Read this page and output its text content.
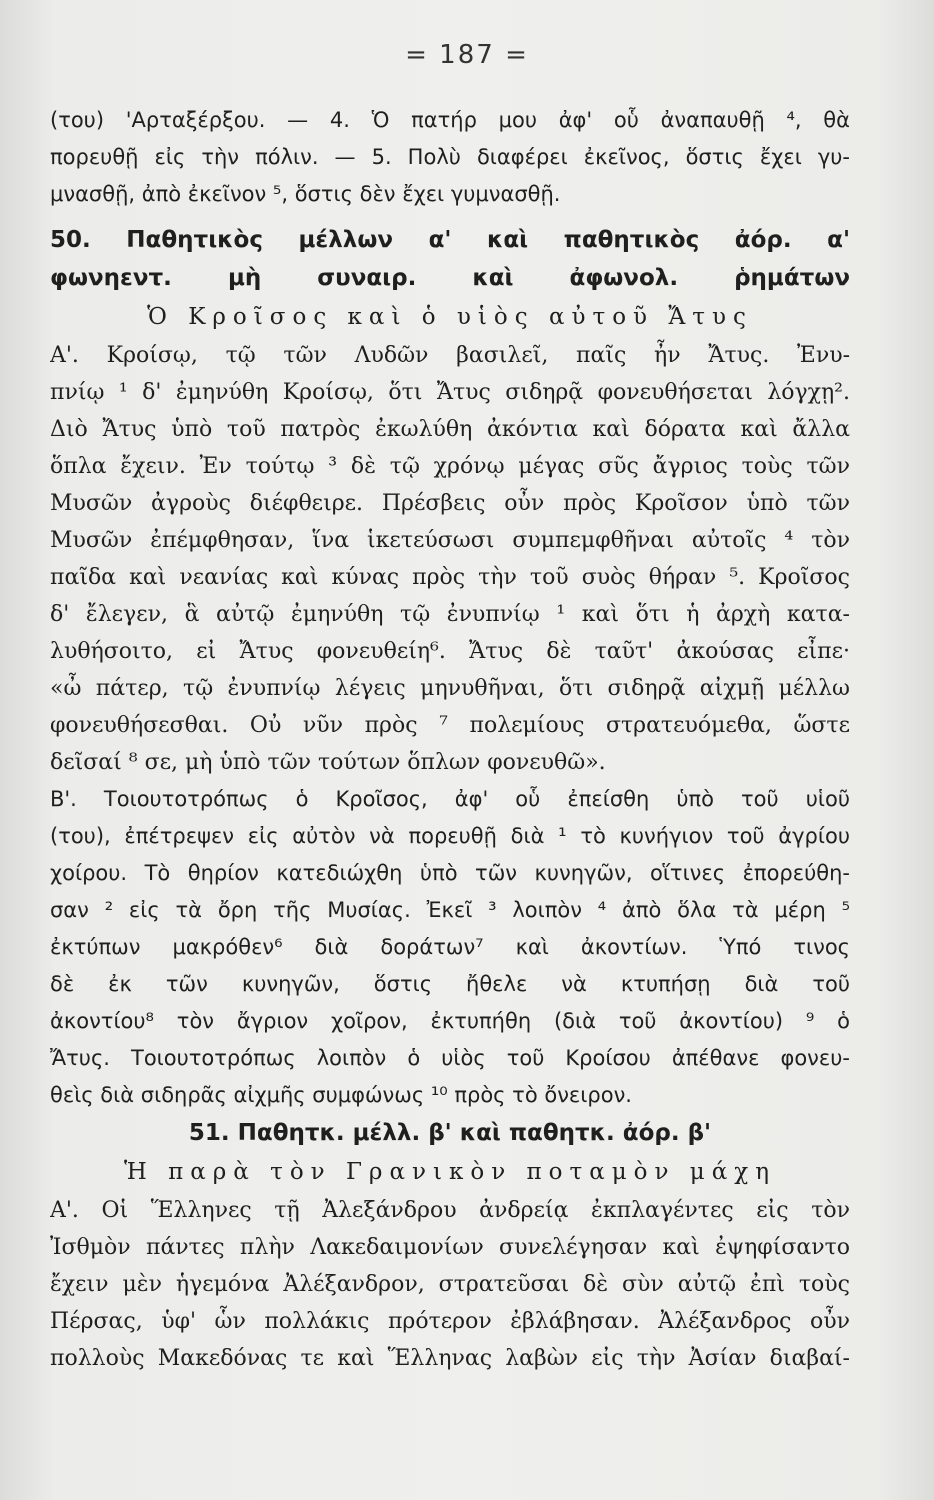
= 187 =
(του) 'Αρταξέρξου. — 4. Ὁ πατήρ μου ἀφ' οὗ ἀναπαυθῇ ⁴, θὰ
πορευθῇ εἰς τὴν πόλιν. — 5. Πολὺ διαφέρει ἐκεῖνος, ὅστις ἔχει γυ-
μνασθῇ, ἀπὸ ἐκεῖνον ⁵, ὅστις δὲν ἔχει γυμνασθῇ.
50. Παθητικὸς μέλλων α' καὶ παθητικὸς ἀόρ. α'
φωνηεντ. μὴ συναιρ. καὶ ἀφωνολ. ῥημάτων
Ὁ Κροῖσος καὶ ὁ υἱὸς αὐτοῦ Ἄτυς
Α'. Κροίσῳ, τῷ τῶν Λυδῶν βασιλεῖ, παῖς ἦν Ἄτυς. Ἐνυ-
πνίῳ ¹ δ' ἐμηνύθη Κροίσῳ, ὅτι Ἄτυς σιδηρᾷ φονευθήσεται λόγχῃ².
Διὸ Ἄτυς ὑπὸ τοῦ πατρὸς ἐκωλύθη ἀκόντια καὶ δόρατα καὶ ἄλλα
ὅπλα ἔχειν. Ἐν τούτῳ ³ δὲ τῷ χρόνῳ μέγας σῦς ἄγριος τοὺς τῶν
Μυσῶν ἀγροὺς διέφθειρε. Πρέσβεις οὖν πρὸς Κροῖσον ὑπὸ τῶν
Μυσῶν ἐπέμφθησαν, ἵνα ἱκετεύσωσι συμπεμφθῆναι αὐτοῖς ⁴ τὸν
παῖδα καὶ νεανίας καὶ κύνας πρὸς τὴν τοῦ συὸς θήραν ⁵. Κροῖσος
δ' ἔλεγεν, ἃ αὐτῷ ἐμηνύθη τῷ ἐνυπνίῳ ¹ καὶ ὅτι ἡ ἀρχὴ κατα-
λυθήσοιτο, εἰ Ἄτυς φονευθείη⁶. Ἄτυς δὲ ταῦτ' ἀκούσας εἶπε·
«ὦ πάτερ, τῷ ἐνυπνίῳ λέγεις μηνυθῆναι, ὅτι σιδηρᾷ αἰχμῇ μέλλω
φονευθήσεσθαι. Οὐ νῦν πρὸς ⁷ πολεμίους στρατευόμεθα, ὥστε
δεῖσαί ⁸ σε, μὴ ὑπὸ τῶν τούτων ὅπλων φονευθῶ».
Β'. Τοιουτοτρόπως ὁ Κροῖσος, ἀφ' οὗ ἐπείσθη ὑπὸ τοῦ υἱοῦ
(του), ἐπέτρεψεν εἰς αὐτὸν νὰ πορευθῇ διὰ ¹ τὸ κυνήγιον τοῦ ἀγρίου
χοίρου. Τὸ θηρίον κατεδιώχθη ὑπὸ τῶν κυνηγῶν, οἵτινες ἐπορεύθη-
σαν ² εἰς τὰ ὄρη τῆς Μυσίας. Ἐκεῖ ³ λοιπὸν ⁴ ἀπὸ ὅλα τὰ μέρη ⁵
ἐκτύπων μακρόθεν⁶ διὰ δοράτων⁷ καὶ ἀκοντίων. Ὑπό τινος
δὲ ἐκ τῶν κυνηγῶν, ὅστις ἤθελε νὰ κτυπήσῃ διὰ τοῦ
ἀκοντίου⁸ τὸν ἄγριον χοῖρον, ἐκτυπήθη (διὰ τοῦ ἀκοντίου) ⁹ ὁ
Ἄτυς. Τοιουτοτρόπως λοιπὸν ὁ υἱὸς τοῦ Κροίσου ἀπέθανε φονευ-
θεὶς διὰ σιδηρᾶς αἰχμῆς συμφώνως ¹⁰ πρὸς τὸ ὄνειρον.
51. Παθητκ. μέλλ. β' καὶ παθητκ. ἀόρ. β'
Ἡ παρὰ τὸν Γρανικὸν ποταμὸν μάχη
Α'. Οἱ Ἕλληνες τῇ Ἀλεξάνδρου ἀνδρείᾳ ἐκπλαγέντες εἰς τὸν
Ἰσθμὸν πάντες πλὴν Λακεδαιμονίων συνελέγησαν καὶ ἐψηφίσαντο
ἔχειν μὲν ἡγεμόνα Ἀλέξανδρον, στρατεῦσαι δὲ σὺν αὐτῷ ἐπὶ τοὺς
Πέρσας, ὑφ' ὧν πολλάκις πρότερον ἐβλάβησαν. Ἀλέξανδρος οὖν
πολλοὺς Μακεδόνας τε καὶ Ἕλληνας λαβὼν εἰς τὴν Ἀσίαν διαβαί-
